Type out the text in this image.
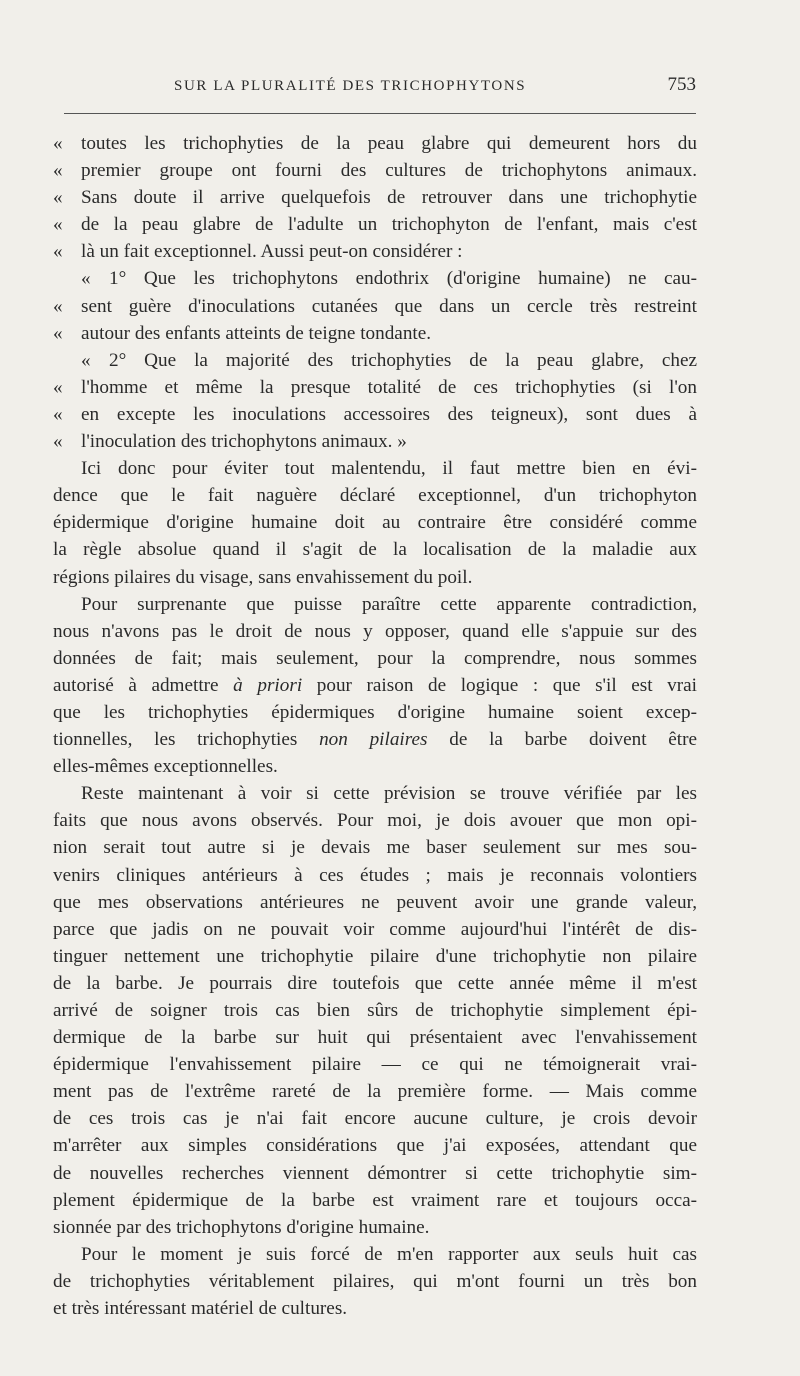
SUR LA PLURALITÉ DES TRICHOPHYTONS	753
« toutes les trichophyties de la peau glabre qui demeurent hors du
« premier groupe ont fourni des cultures de trichophytons animaux.
« Sans doute il arrive quelquefois de retrouver dans une trichophytie
« de la peau glabre de l'adulte un trichophyton de l'enfant, mais c'est
« là un fait exceptionnel. Aussi peut-on considérer :
« 1° Que les trichophytons endothrix (d'origine humaine) ne cau-
« sent guère d'inoculations cutanées que dans un cercle très restreint
« autour des enfants atteints de teigne tondante.
« 2° Que la majorité des trichophyties de la peau glabre, chez
« l'homme et même la presque totalité de ces trichophyties (si l'on
« en excepte les inoculations accessoires des teigneux), sont dues à
« l'inoculation des trichophytons animaux. »
Ici donc pour éviter tout malentendu, il faut mettre bien en évi-
dence que le fait naguère déclaré exceptionnel, d'un trichophyton
épidermique d'origine humaine doit au contraire être considéré comme
la règle absolue quand il s'agit de la localisation de la maladie aux
régions pilaires du visage, sans envahissement du poil.
Pour surprenante que puisse paraître cette apparente contradiction,
nous n'avons pas le droit de nous y opposer, quand elle s'appuie sur des
données de fait; mais seulement, pour la comprendre, nous sommes
autorisé à admettre à priori pour raison de logique : que s'il est vrai
que les trichophyties épidermiques d'origine humaine soient excep-
tionnelles, les trichophyties non pilaires de la barbe doivent être
elles-mêmes exceptionnelles.
Reste maintenant à voir si cette prévision se trouve vérifiée par les
faits que nous avons observés. Pour moi, je dois avouer que mon opi-
nion serait tout autre si je devais me baser seulement sur mes sou-
venirs cliniques antérieurs à ces études ; mais je reconnais volontiers
que mes observations antérieures ne peuvent avoir une grande valeur,
parce que jadis on ne pouvait voir comme aujourd'hui l'intérêt de dis-
tinguer nettement une trichophytie pilaire d'une trichophytie non pilaire
de la barbe. Je pourrais dire toutefois que cette année même il m'est
arrivé de soigner trois cas bien sûrs de trichophytie simplement épi-
dermique de la barbe sur huit qui présentaient avec l'envahissement
épidermique l'envahissement pilaire — ce qui ne témoignerait vrai-
ment pas de l'extrême rareté de la première forme. — Mais comme
de ces trois cas je n'ai fait encore aucune culture, je crois devoir
m'arrêter aux simples considérations que j'ai exposées, attendant que
de nouvelles recherches viennent démontrer si cette trichophytie sim-
plement épidermique de la barbe est vraiment rare et toujours occa-
sionnée par des trichophytons d'origine humaine.
Pour le moment je suis forcé de m'en rapporter aux seuls huit cas
de trichophyties véritablement pilaires, qui m'ont fourni un très bon
et très intéressant matériel de cultures.
